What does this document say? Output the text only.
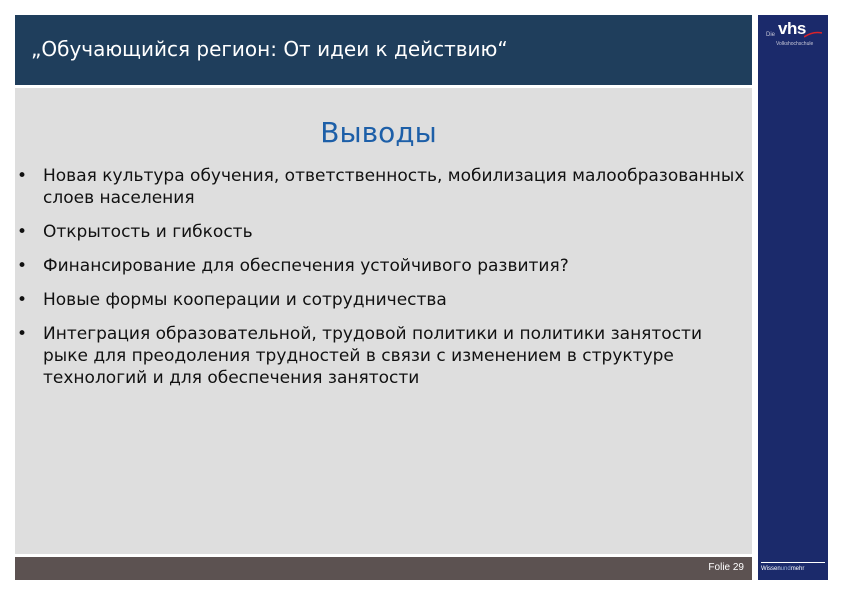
„Обучающийся регион: От идеи к действию“
Die vhs
Volkshochschule
Wissenundmehr
Выводы
• Новая культура обучения, ответственность, мобилизация малообразованных слоев населения
• Открытость и гибкость
• Финансирование для обеспечения устойчивого развития?
• Новые формы кооперации и сотрудничества
• Интеграция образовательной, трудовой политики и политики занятости рыке для преодоления трудностей в связи с изменением в структуре технологий и для обеспечения занятости
Folie 29
